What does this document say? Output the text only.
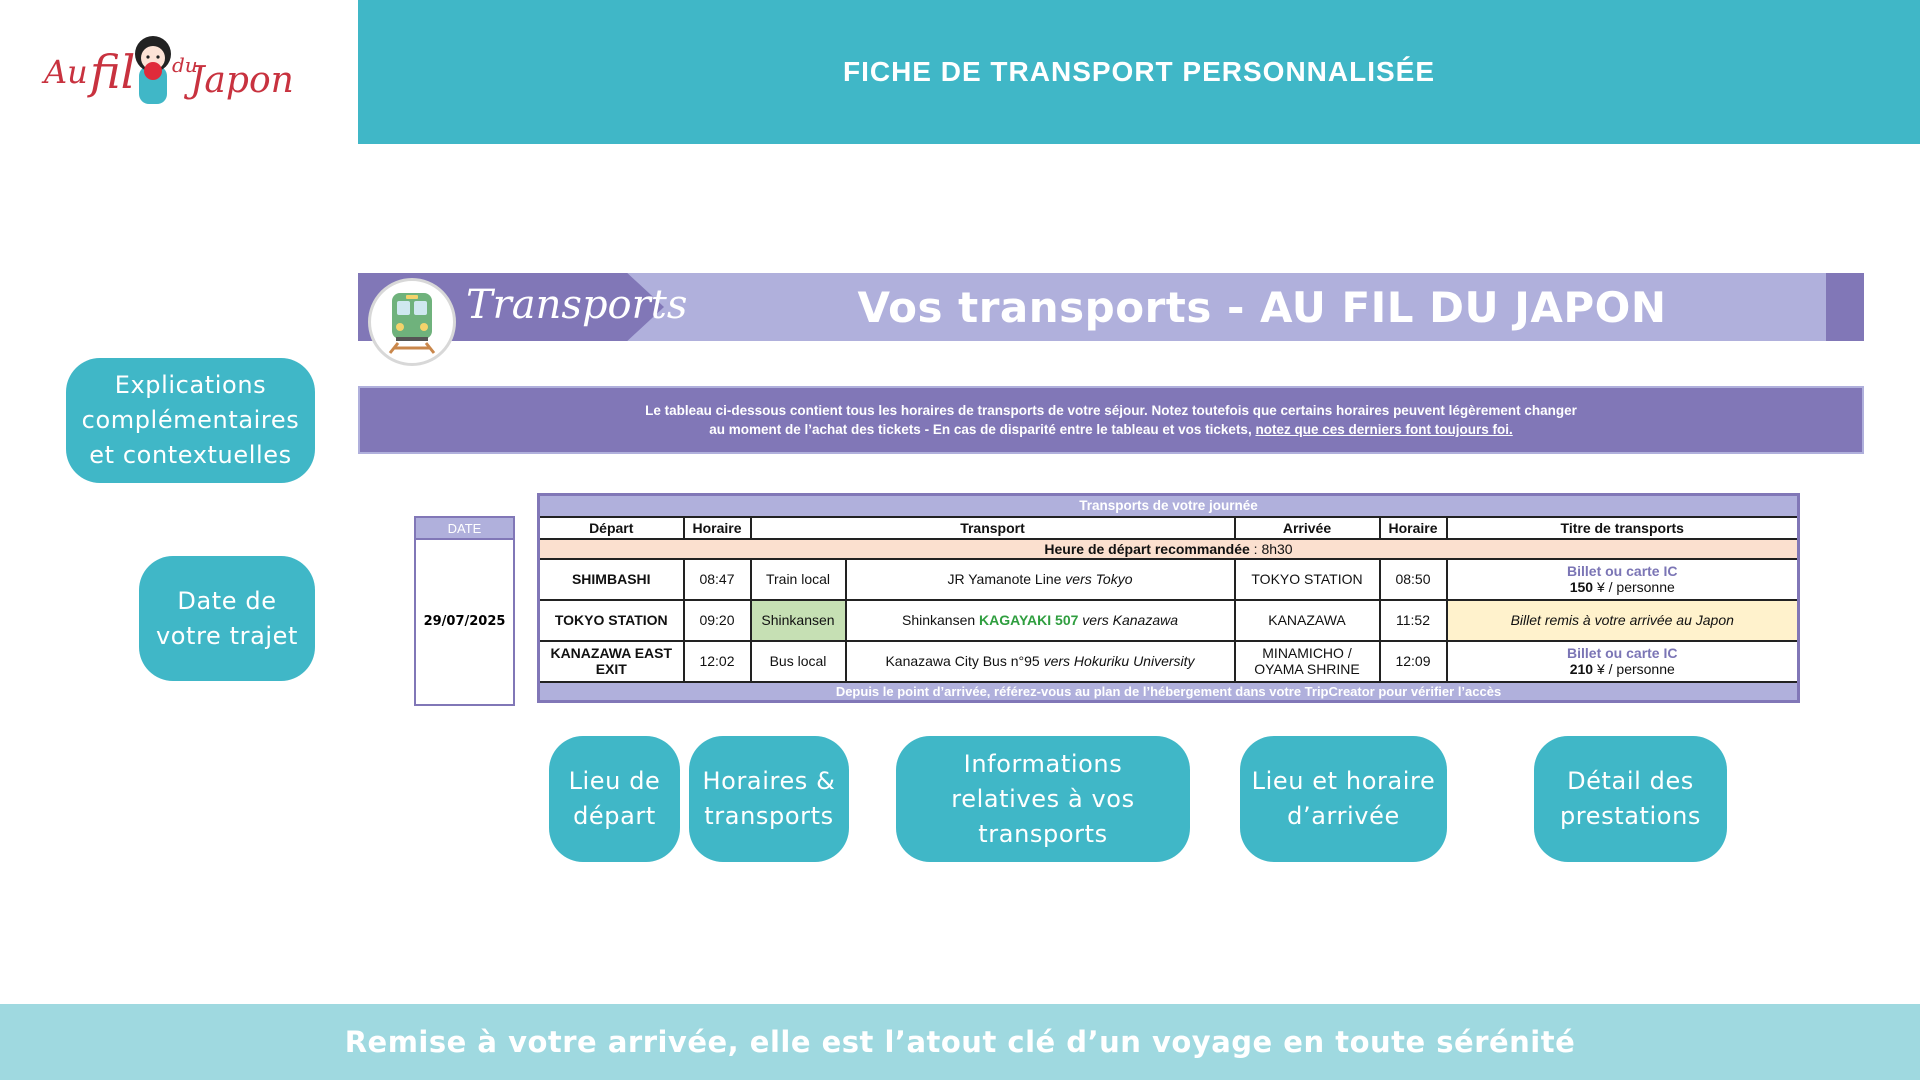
Au fil du
Japon	FICHE DE TRANSPORT PERSONNALISÉE
Explications complémentaires et contextuelles
Date de votre trajet
Transports	Vos transports - AU FIL DU JAPON
Le tableau ci-dessous contient tous les horaires de transports de votre séjour. Notez toutefois que certains horaires peuvent légèrement changer
au moment de l’achat des tickets - En cas de disparité entre le tableau et vos tickets, notez que ces derniers font toujours foi.
DATE
29/07/2025
Transports de votre journée						
Départ	Horaire	Transport		Arrivée	Horaire	Titre de transports
Heure de départ recommandée : 8h30						
SHIMBASHI	08:47	Train local	JR Yamanote Line vers Tokyo	TOKYO STATION	08:50	Billet ou carte IC
150 ¥ / personne

TOKYO STATION	09:20	Shinkansen	Shinkansen KAGAYAKI 507 vers Kanazawa	KANAZAWA	11:52	Billet remis à votre arrivée au Japon
KANAZAWA EAST EXIT	12:02	Bus local	Kanazawa City Bus n°95 vers Hokuriku University	MINAMICHO / OYAMA SHRINE	12:09	Billet ou carte IC
210 ¥ / personne

Depuis le point d’arrivée, référez-vous au plan de l’hébergement dans votre TripCreator pour vérifier l’accès						
Lieu de départ
Horaires & transports
Informations relatives à vos transports
Lieu et horaire d’arrivée
Détail des prestations
Remise à votre arrivée, elle est l’atout clé d’un voyage en toute sérénité
